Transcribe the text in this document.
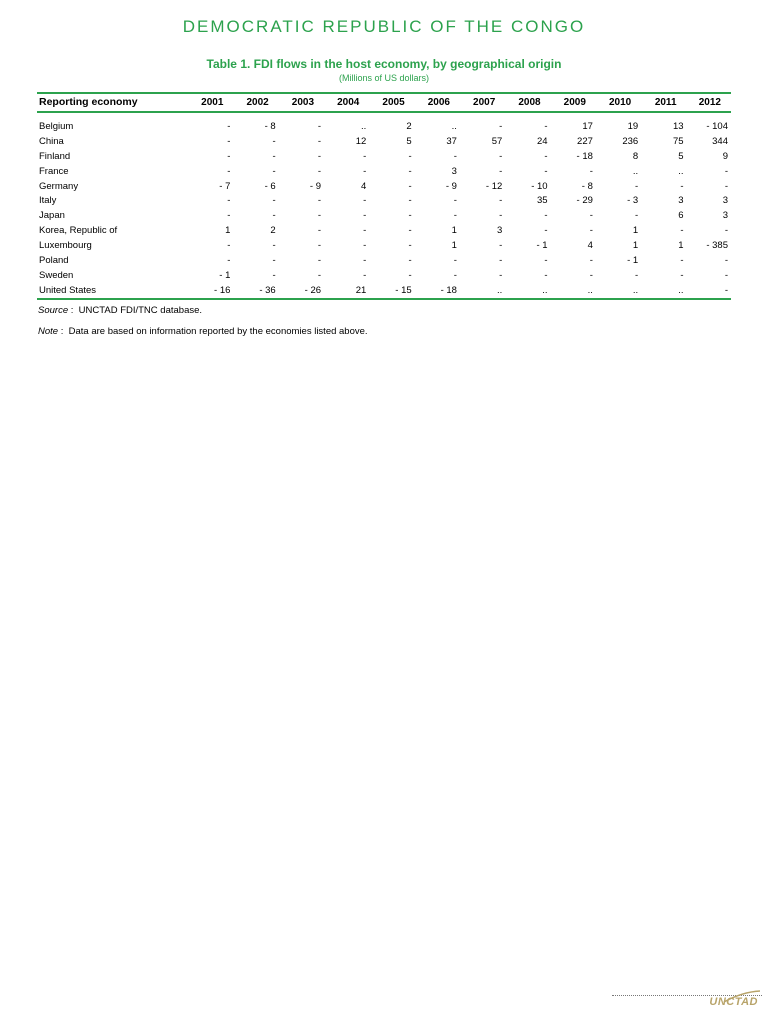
DEMOCRATIC REPUBLIC OF THE CONGO
Table 1. FDI flows in the host economy, by geographical origin
(Millions of US dollars)
Reporting economy	2001	2002	2003	2004	2005	2006	2007	2008	2009	2010	2011	2012

Belgium	-	- 8	-	..	2	..	-	-	17	19	13	- 104
China	-	-	-	12	5	37	57	24	227	236	75	344
Finland	-	-	-	-	-	-	-	-	- 18	8	5	9
France	-	-	-	-	-	3	-	-	-	..	..	-
Germany	- 7	- 6	- 9	4	-	- 9	- 12	- 10	- 8	-	-	-
Italy	-	-	-	-	-	-	-	35	- 29	- 3	3	3
Japan	-	-	-	-	-	-	-	-	-	-	6	3
Korea, Republic of	1	2	-	-	-	1	3	-	-	1	-	-
Luxembourg	-	-	-	-	-	1	-	- 1	4	1	1	- 385
Poland	-	-	-	-	-	-	-	-	-	- 1	-	-
Sweden	- 1	-	-	-	-	-	-	-	-	-	-	-
United States	- 16	- 36	- 26	21	- 15	- 18	..	..	..	..	..	-

Source :  UNCTAD FDI/TNC database.
Note :  Data are based on information reported by the economies listed above.
UNCTAD
